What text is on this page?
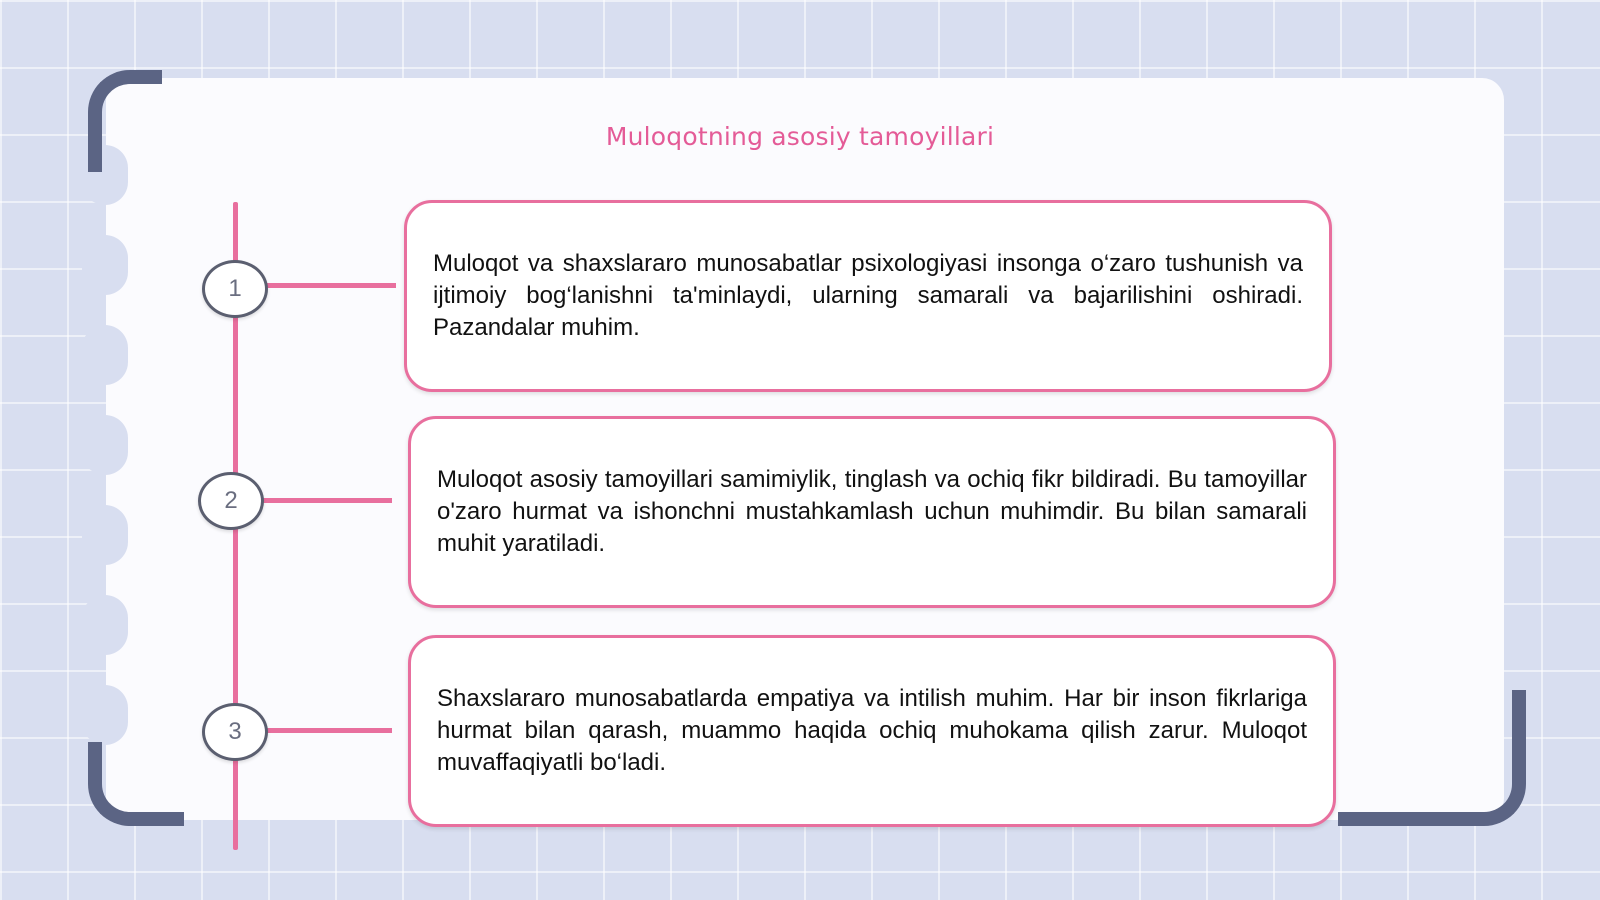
Muloqotning asosiy tamoyillari
1
2
3

Muloqot va shaxslararo munosabatlar psixologiyasi insonga o‘zaro tushunish va ijtimoiy bog‘lanishni ta'minlaydi, ularning samarali va bajarilishini oshiradi. Pazandalar muhim.

Muloqot asosiy tamoyillari samimiylik, tinglash va ochiq fikr bildiradi. Bu tamoyillar o'zaro hurmat va ishonchni mustahkamlash uchun muhimdir. Bu bilan samarali muhit yaratiladi.

Shaxslararo munosabatlarda empatiya va intilish muhim. Har bir inson fikrlariga hurmat bilan qarash, muammo haqida ochiq muhokama qilish zarur. Muloqot muvaffaqiyatli bo‘ladi.
